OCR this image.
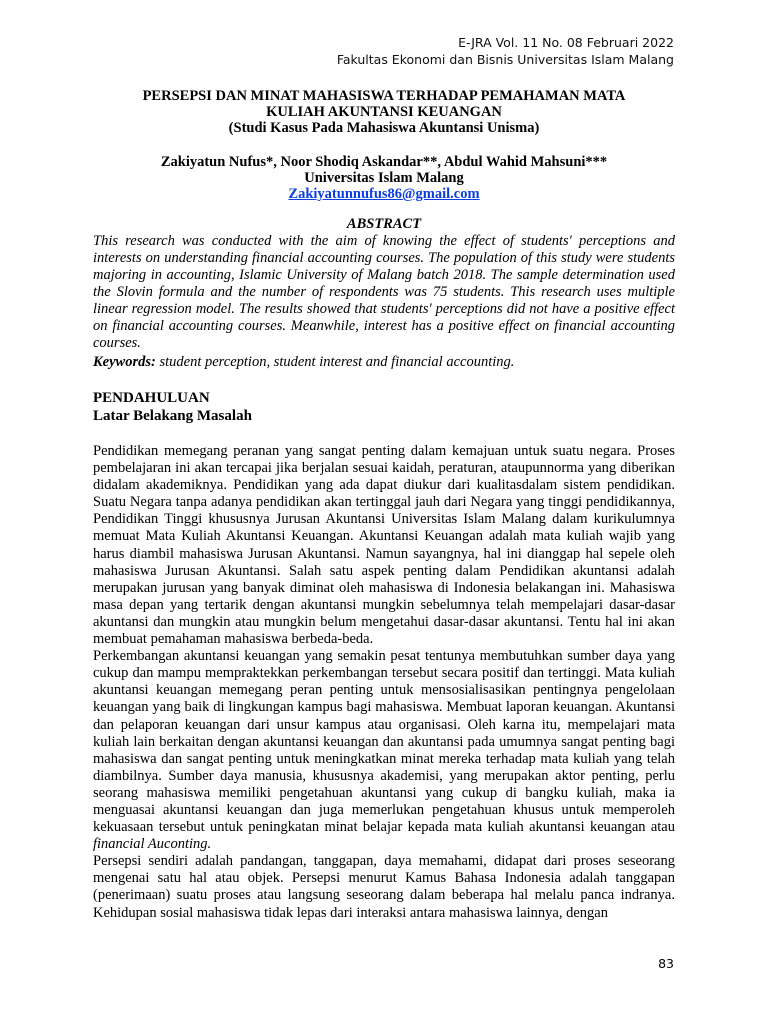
E-JRA Vol. 11 No. 08 Februari 2022
Fakultas Ekonomi dan Bisnis Universitas Islam Malang
PERSEPSI DAN MINAT MAHASISWA TERHADAP PEMAHAMAN MATA
KULIAH AKUNTANSI KEUANGAN
(Studi Kasus Pada Mahasiswa Akuntansi Unisma)
Zakiyatun Nufus*, Noor Shodiq Askandar**, Abdul Wahid Mahsuni***
Universitas Islam Malang
Zakiyatunnufus86@gmail.com
ABSTRACT
This research was conducted with the aim of knowing the effect of students' perceptions and interests on understanding financial accounting courses. The population of this study were students majoring in accounting, Islamic University of Malang batch 2018. The sample determination used the Slovin formula and the number of respondents was 75 students. This research uses multiple linear regression model. The results showed that students' perceptions did not have a positive effect on financial accounting courses. Meanwhile, interest has a positive effect on financial accounting courses.
Keywords: student perception, student interest and financial accounting.
PENDAHULUAN
Latar Belakang Masalah

Pendidikan memegang peranan yang sangat penting dalam kemajuan untuk suatu negara. Proses pembelajaran ini akan tercapai jika berjalan sesuai kaidah, peraturan, ataupunnorma yang diberikan didalam akademiknya. Pendidikan yang ada dapat diukur dari kualitasdalam sistem pendidikan. Suatu Negara tanpa adanya pendidikan akan tertinggal jauh dari Negara yang tinggi pendidikannya, Pendidikan Tinggi khususnya Jurusan Akuntansi Universitas Islam Malang dalam kurikulumnya memuat Mata Kuliah Akuntansi Keuangan. Akuntansi Keuangan adalah mata kuliah wajib yang harus diambil mahasiswa Jurusan Akuntansi. Namun sayangnya, hal ini dianggap hal sepele oleh mahasiswa Jurusan Akuntansi. Salah satu aspek penting dalam Pendidikan akuntansi adalah merupakan jurusan yang banyak diminat oleh mahasiswa di Indonesia belakangan ini. Mahasiswa masa depan yang tertarik dengan akuntansi mungkin sebelumnya telah mempelajari dasar-dasar akuntansi dan mungkin atau mungkin belum mengetahui dasar-dasar akuntansi. Tentu hal ini akan membuat pemahaman mahasiswa berbeda-beda.

Perkembangan akuntansi keuangan yang semakin pesat tentunya membutuhkan sumber daya yang cukup dan mampu mempraktekkan perkembangan tersebut secara positif dan tertinggi. Mata kuliah akuntansi keuangan memegang peran penting untuk mensosialisasikan pentingnya pengelolaan keuangan yang baik di lingkungan kampus bagi mahasiswa. Membuat laporan keuangan. Akuntansi dan pelaporan keuangan dari unsur kampus atau organisasi. Oleh karna itu, mempelajari mata kuliah lain berkaitan dengan akuntansi keuangan dan akuntansi pada umumnya sangat penting bagi mahasiswa dan sangat penting untuk meningkatkan minat mereka terhadap mata kuliah yang telah diambilnya. Sumber daya manusia, khususnya akademisi, yang merupakan aktor penting, perlu seorang mahasiswa memiliki pengetahuan akuntansi yang cukup di bangku kuliah, maka ia menguasai akuntansi keuangan dan juga memerlukan pengetahuan khusus untuk memperoleh kekuasaan tersebut untuk peningkatan minat belajar kepada mata kuliah akuntansi keuangan atau financial Auconting.

Persepsi sendiri adalah pandangan, tanggapan, daya memahami, didapat dari proses seseorang mengenai satu hal atau objek. Persepsi menurut Kamus Bahasa Indonesia adalah tanggapan (penerimaan) suatu proses atau langsung seseorang dalam beberapa hal melalu panca indranya. Kehidupan sosial mahasiswa tidak lepas dari interaksi antara mahasiswa lainnya, dengan

83
